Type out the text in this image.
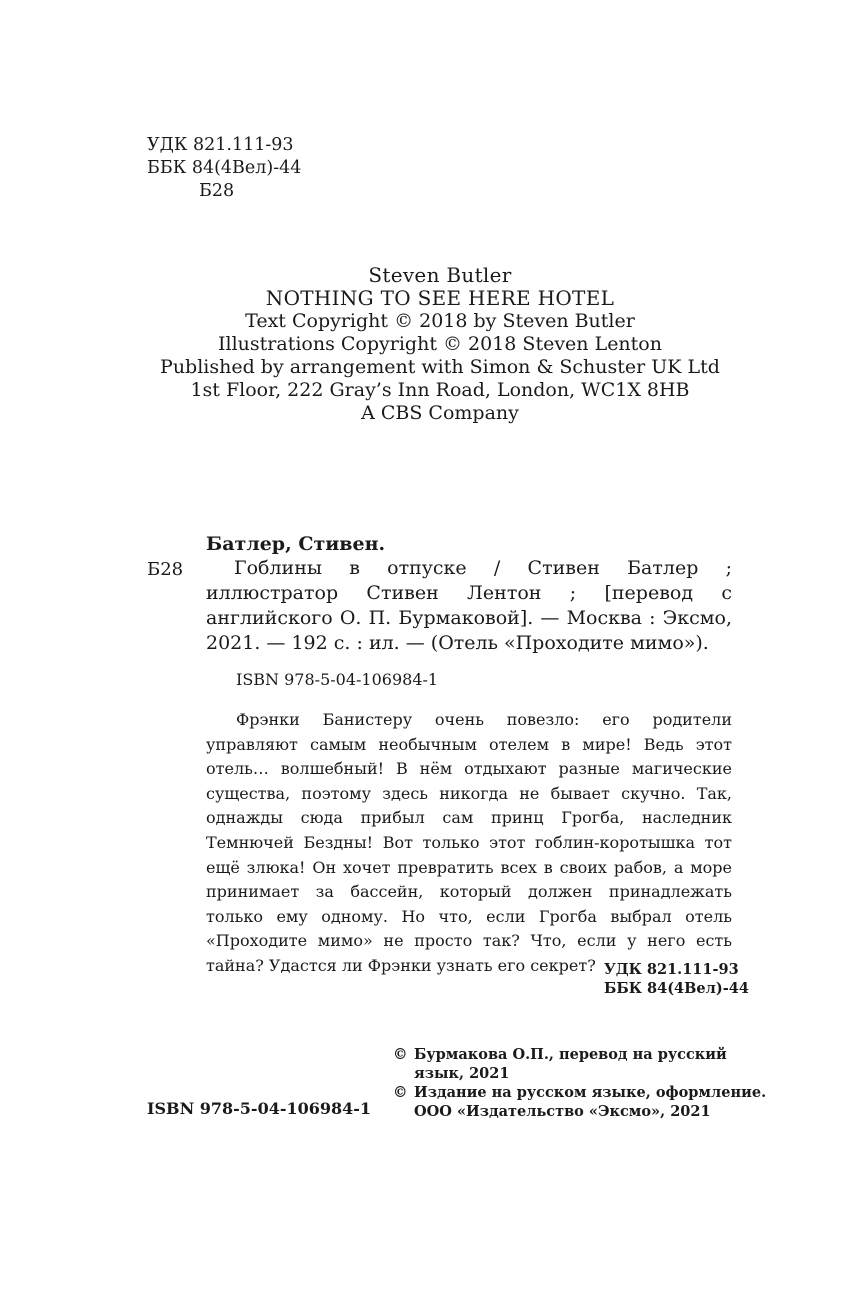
УДК 821.111-93
ББК 84(4Вел)-44
Б28
Steven Butler
NOTHING TO SEE HERE HOTEL
Text Copyright © 2018 by Steven Butler
Illustrations Copyright © 2018 Steven Lenton
Published by arrangement with Simon & Schuster UK Ltd
1st Floor, 222 Gray’s Inn Road, London, WC1X 8HB
A CBS Company
Батлер, Стивен.
Б28	Гоблины в отпуске / Стивен Батлер ; иллюстратор Стивен Лентон ; [перевод с английского О. П. Бурмаковой]. — Москва : Эксмо, 2021. — 192 с. : ил. — (Отель «Проходите мимо»).
ISBN 978-5-04-106984-1
Фрэнки Банистеру очень повезло: его родители управляют самым необычным отелем в мире! Ведь этот отель… волшебный! В нём отдыхают разные магические существа, поэтому здесь никогда не бывает скучно. Так, однажды сюда прибыл сам принц Грогба, наследник Темнючей Бездны! Вот только этот гоблин-коротышка тот ещё злюка! Он хочет превратить всех в своих рабов, а море принимает за бассейн, который должен принадлежать только ему одному. Но что, если Грогба выбрал отель «Проходите мимо» не просто так? Что, если у него есть тайна? Удастся ли Фрэнки узнать его секрет? УДК 821.111-93
ББК 84(4Вел)-44
ISBN 978-5-04-106984-1
© Бурмакова О.П., перевод на русский
язык, 2021
© Издание на русском языке, оформление.
ООО «Издательство «Эксмо», 2021
